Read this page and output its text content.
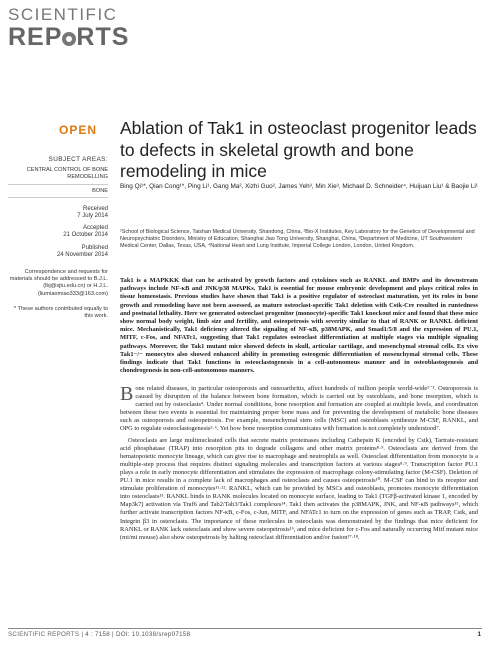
SCIENTIFIC
REP RTS
OPEN Ablation of Tak1 in osteoclast progenitor leads to defects in skeletal growth and bone remodeling in mice
SUBJECT AREAS:
CENTRAL CONTROL OF BONE REMODELLING
BONE
Received
7 July 2014
Accepted
21 October 2014
Published
24 November 2014
Correspondence and requests for materials should be addressed to B.J.L. (lbj@sjtu.edu.cn) or H.J.L. (liumiaomiao333@163.com)
* These authors contributed equally to this work.
Bing Qi¹*, Qian Cong¹*, Ping Li¹, Gang Ma², Xizhi Guo², James Yeh³, Min Xie³, Michael D. Schneider⁴, Huijuan Liu¹ & Baojie Li¹
¹School of Biological Science, Taishan Medical University, Shandong, China, ²Bio-X Institutes, Key Laboratory for the Genetics of Developmental and Neuropsychiatric Disorders, Ministry of Education, Shanghai Jiao Tong University, Shanghai, China, ³Department of Medicine, UT Southwestern Medical Center, Dallas, Texas, USA, ⁴National Heart and Lung Institute, Imperial College London, London, United Kingdom.
Tak1 is a MAPKKK that can be activated by growth factors and cytokines such as RANKL and BMPs and its downstream pathways include NF-κB and JNK/p38 MAPKs. Tak1 is essential for mouse embryonic development and plays critical roles in tissue homeostasis. Previous studies have shown that Tak1 is a positive regulator of osteoclast maturation, yet its roles in bone growth and remodeling have not been assessed, as mature osteoclast-specific Tak1 deletion with Cstk-Cre resulted in runtedness and postnatal lethality. Here we generated osteoclast progenitor (monocyte)-specific Tak1 knockout mice and found that these mice show normal body weight, limb size and fertility, and osteopetrosis with severity similar to that of RANK or RANKL deficient mice. Mechanistically, Tak1 deficiency altered the signaling of NF-κB, p38MAPK, and Smad1/5/8 and the expression of PU.1, MITF, c-Fos, and NFATc1, suggesting that Tak1 regulates osteoclast differentiation at multiple stages via multiple signaling pathways. Moreover, the Tak1 mutant mice showed defects in skull, articular cartilage, and mesenchymal stromal cells. Ex vivo Tak1−/− monocytes also showed enhanced ability in promoting osteogenic differentiation of mesenchymal stromal cells. These findings indicate that Tak1 functions in osteoclastogenesis in a cell-autonomous manner and in osteoblastogenesis and chondrogenesis in non-cell-autonomous manners.

Bone related diseases, in particular osteoporosis and osteoarthritis, affect hundreds of million people world-wide¹⁻³. Osteoporosis is caused by disruption of the balance between bone formation, which is carried out by osteoblasts, and bone resorption, which is carried out by osteoclasts⁴. Under normal conditions, bone resorption and formation are coupled at multiple levels, and coordination between these two events is essential for maintaining proper bone mass and for preventing the development of metabolic bone diseases such as osteoporosis and osteopetrosis. For example, mesenchymal stem cells (MSC) and osteoblasts synthesize M-CSF, RANKL, and OPG to regulate osteoclastogenesis⁵·⁶. Yet how bone resorption communicates with formation is not completely understood⁷.

Osteoclasts are large multinucleated cells that secrete matrix proteinases including Cathepsin K (encoded by Cstk), Tartrate-resistant acid phosphatase (TRAP) into resorption pits to degrade collagens and other matrix proteins⁸·⁹. Osteoclasts are derived from the hematopoietic monocyte lineage, which can give rise to macrophage and neutrophils as well. Osteoclast differentiation from monocyte is a multiple-step process that requires distinct signaling molecules and transcription factors at various stages⁸·⁹. Transcription factor PU.1 plays a role in early monocyte differentiation and stimulates the expression of macrophage colony-stimulating factor (M-CSF). Deletion of PU.1 in mice results in a complete lack of macrophages and osteoclasts and causes osteopetrosis¹⁰. M-CSF can bind to its receptor and stimulate proliferation of monocytes¹¹·¹². RANKL, which can be provided by MSCs and osteoblasts, promotes monocyte differentiation into osteoclasts¹³. RANKL binds to RANK molecules located on monocyte surface, leading to Tak1 (TGFβ-activated kinase 1, encoded by Map3k7) activation via Traf6 and Tab2/Tab3/Tak1 complexes¹⁴. Tak1 then activates the p38MAPK, JNK, and NF-κB pathways¹⁵, which further activate transcription factors NF-κB, c-Fos, c-Jun, MITF, and NFATc1 to turn on the expression of genes such as TRAP, Cstk, and Integrin β3 in osteoclasts. The importance of these molecules in osteoclasts was demonstrated by the findings that mice deficient for RANKL or RANK lack osteoclasts and show severe osteopetrosis¹⁶, and mice deficient for c-Fos and naturally occurring Mitf mutant mice (mi/mi mouse) also show osteopetrosis by halting osteoclast differentiation and/or fusion¹⁷·¹⁸.

SCIENTIFIC REPORTS | 4 : 7158 | DOI: 10.1038/srep07158	1
